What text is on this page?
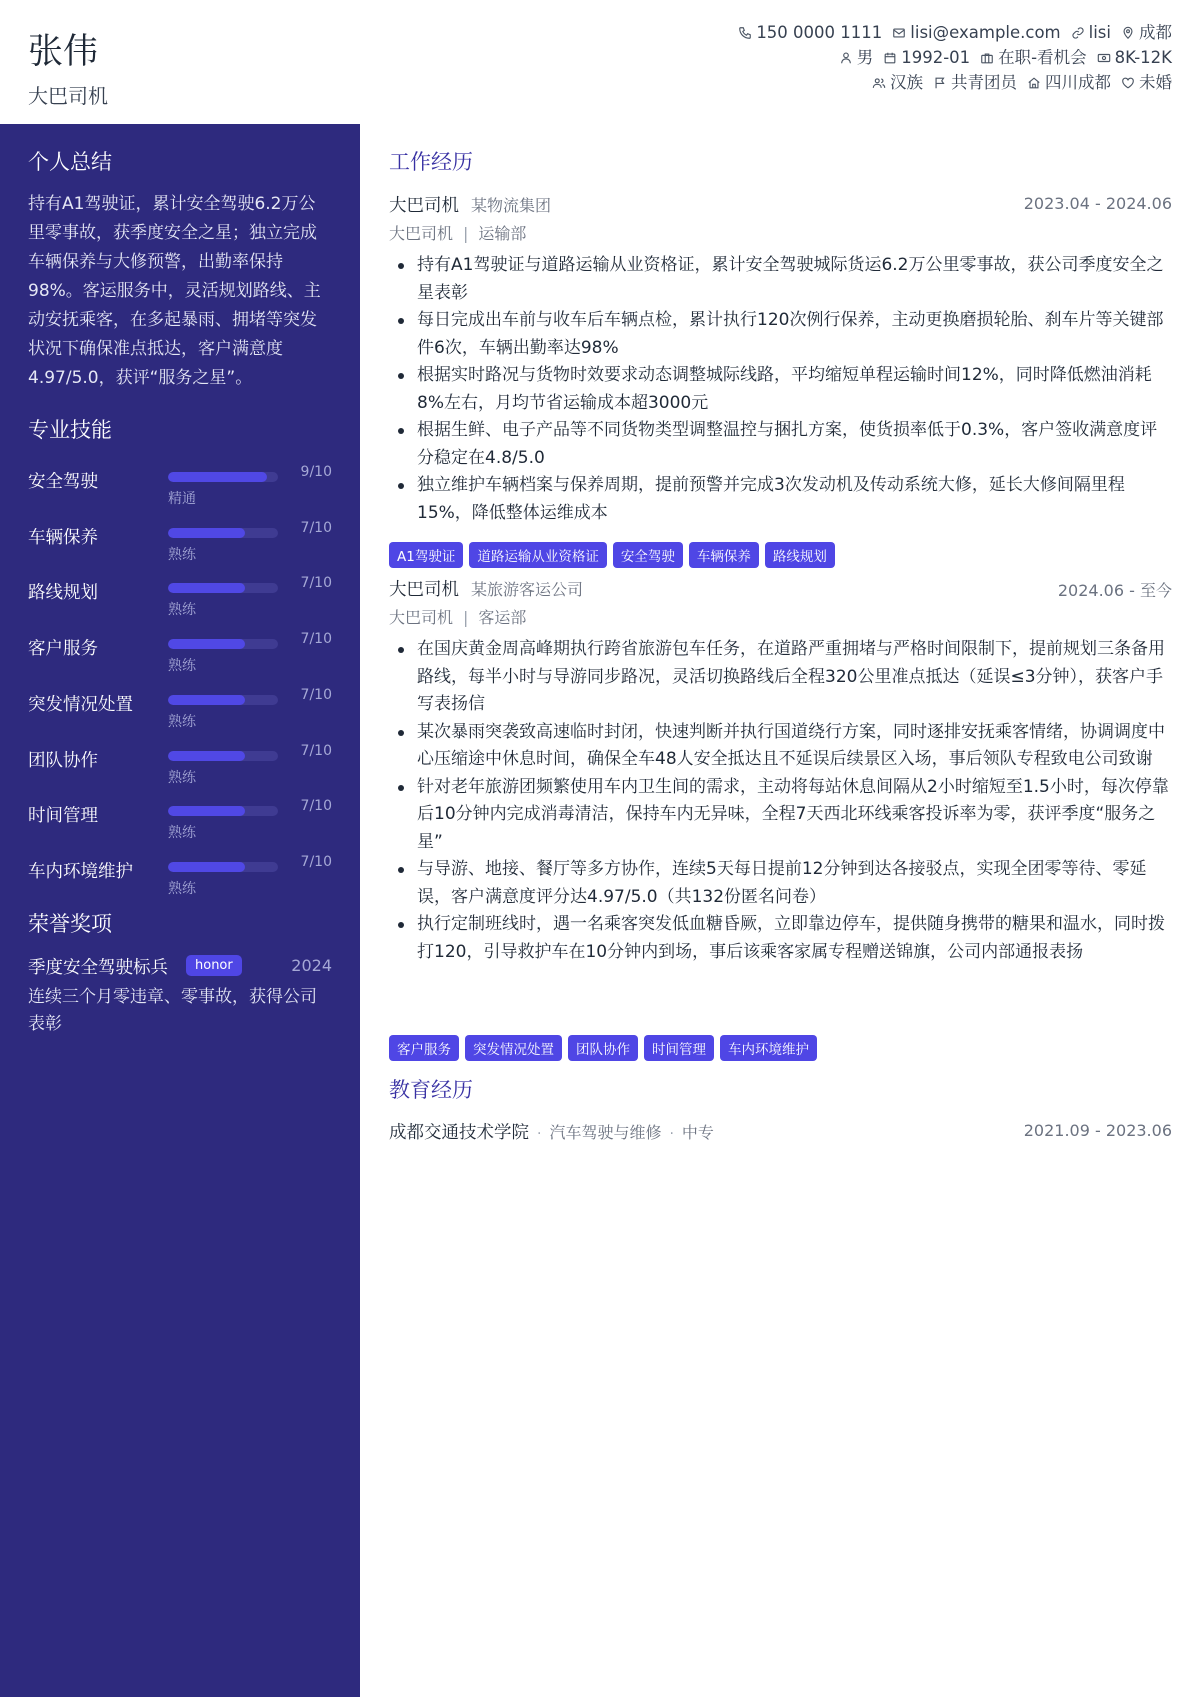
张伟
大巴司机
150 0000 1111 lisi@example.com lisi 成都
男 1992-01 在职-看机会 8K-12K
汉族 共青团员 四川成都 未婚
个人总结
持有A1驾驶证，累计安全驾驶6.2万公里零事故，获季度安全之星；独立完成车辆保养与大修预警，出勤率保持98%。客运服务中，灵活规划路线、主动安抚乘客，在多起暴雨、拥堵等突发状况下确保准点抵达，客户满意度4.97/5.0，获评“服务之星”。
专业技能
安全驾驶
精通
9/10
车辆保养
熟练
7/10
路线规划
熟练
7/10
客户服务
熟练
7/10
突发情况处置
熟练
7/10
团队协作
熟练
7/10
时间管理
熟练
7/10
车内环境维护
熟练
7/10
荣誉奖项
季度安全驾驶标兵	honor	2024
连续三个月零违章、零事故，获得公司表彰
工作经历
大巴司机 某物流集团	2023.04 - 2024.06
大巴司机 | 运输部
持有A1驾驶证与道路运输从业资格证，累计安全驾驶城际货运6.2万公里零事故，获公司季度安全之星表彰
每日完成出车前与收车后车辆点检，累计执行120次例行保养，主动更换磨损轮胎、刹车片等关键部件6次，车辆出勤率达98%
根据实时路况与货物时效要求动态调整城际线路，平均缩短单程运输时间12%，同时降低燃油消耗8%左右，月均节省运输成本超3000元
根据生鲜、电子产品等不同货物类型调整温控与捆扎方案，使货损率低于0.3%，客户签收满意度评分稳定在4.8/5.0
独立维护车辆档案与保养周期，提前预警并完成3次发动机及传动系统大修，延长大修间隔里程15%，降低整体运维成本
A1驾驶证	道路运输从业资格证	安全驾驶	车辆保养	路线规划
大巴司机 某旅游客运公司	2024.06 - 至今
大巴司机 | 客运部
在国庆黄金周高峰期执行跨省旅游包车任务，在道路严重拥堵与严格时间限制下，提前规划三条备用路线，每半小时与导游同步路况，灵活切换路线后全程320公里准点抵达（延误≤3分钟），获客户手写表扬信
某次暴雨突袭致高速临时封闭，快速判断并执行国道绕行方案，同时逐排安抚乘客情绪，协调调度中心压缩途中休息时间，确保全车48人安全抵达且不延误后续景区入场，事后领队专程致电公司致谢
针对老年旅游团频繁使用车内卫生间的需求，主动将每站休息间隔从2小时缩短至1.5小时，每次停靠后10分钟内完成消毒清洁，保持车内无异味，全程7天西北环线乘客投诉率为零，获评季度“服务之星”
与导游、地接、餐厅等多方协作，连续5天每日提前12分钟到达各接驳点，实现全团零等待、零延误，客户满意度评分达4.97/5.0（共132份匿名问卷）
执行定制班线时，遇一名乘客突发低血糖昏厥，立即靠边停车，提供随身携带的糖果和温水，同时拨打120，引导救护车在10分钟内到场，事后该乘客家属专程赠送锦旗，公司内部通报表扬
客户服务	突发情况处置	团队协作	时间管理	车内环境维护
教育经历
成都交通技术学院 · 汽车驾驶与维修 · 中专	2021.09 - 2023.06
